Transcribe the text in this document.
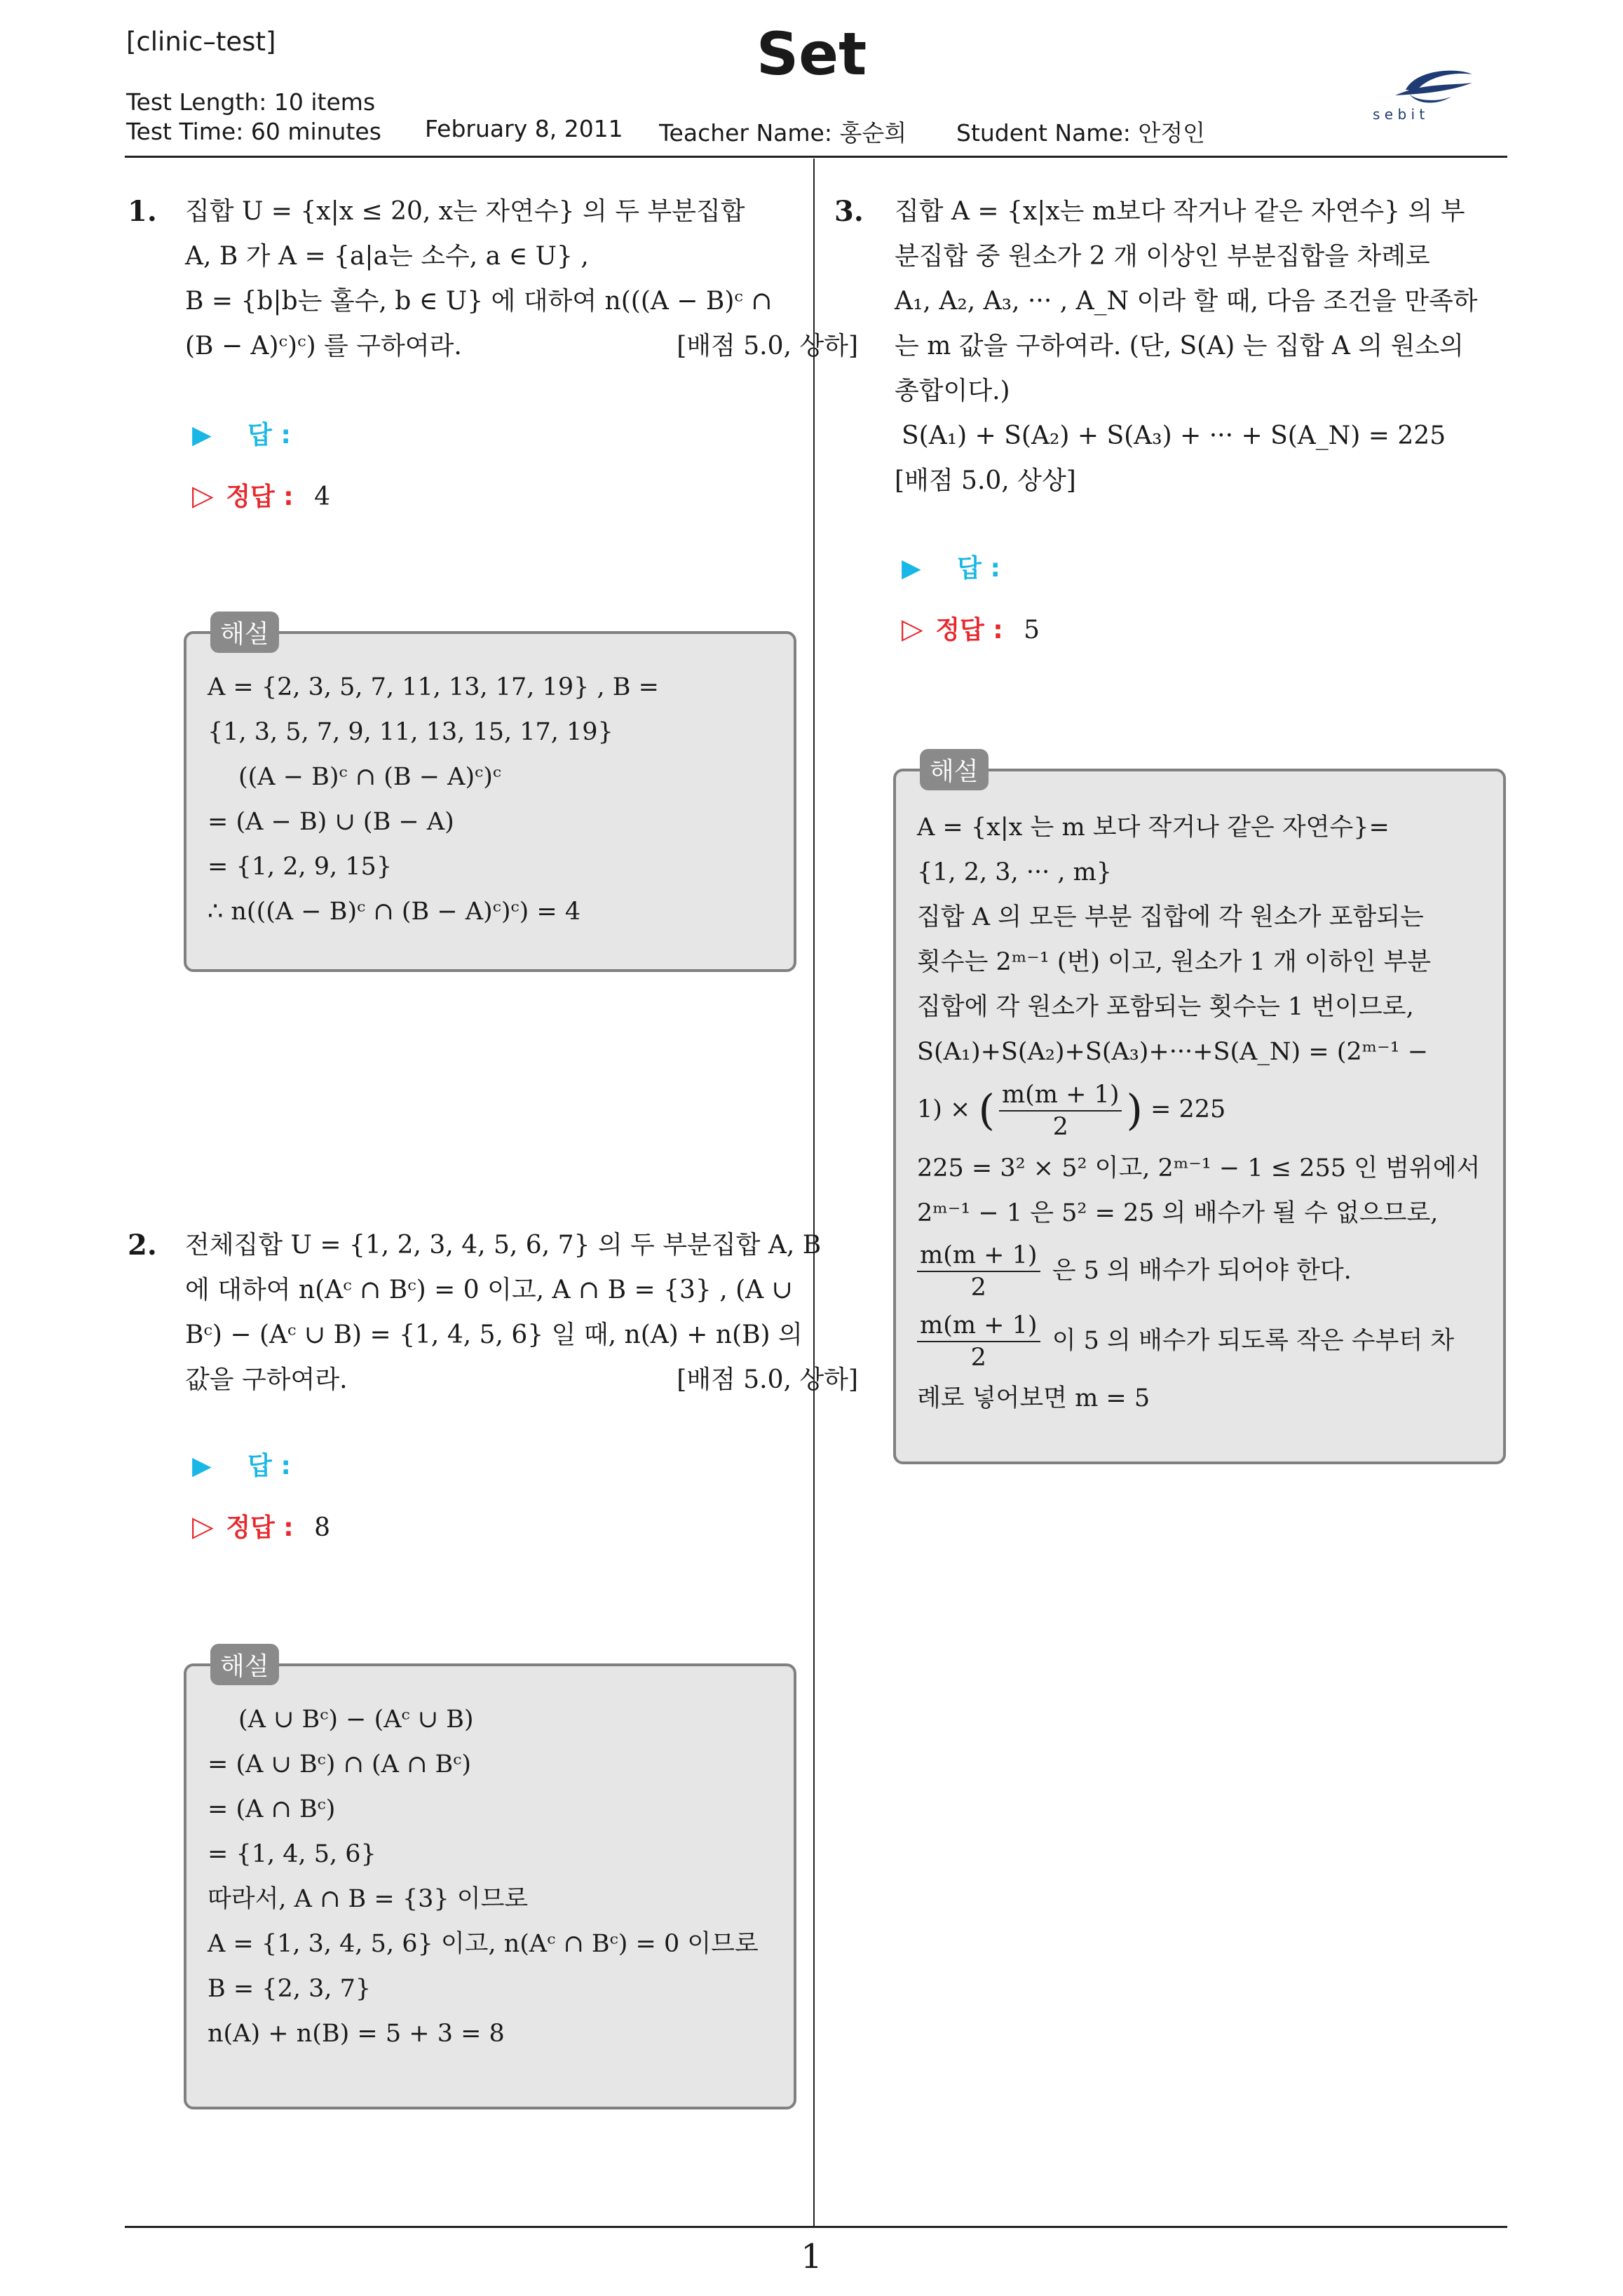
[clinic–test]	Set
Test Length: 10 items
Test Time: 60 minutes February 8, 2011 Teacher Name: 홍순희 Student Name: 안정인
s e b i t
1. 집합 U = {x|x ≤ 20, x는 자연수} 의 두 부분집합

A, B 가 A = {a|a는 소수, a ∈ U} ,

B = {b|b는 홀수, b ∈ U} 에 대하여 n(((A − B)ᶜ ∩

(B − A)ᶜ)ᶜ) 를 구하여라.	[배점 5.0, 상하]

▶ 답 :
▷ 정답 : 4
A = {2, 3, 5, 7, 11, 13, 17, 19} , B =
{1, 3, 5, 7, 9, 11, 13, 15, 17, 19}
((A − B)ᶜ ∩ (B − A)ᶜ)ᶜ
= (A − B) ∪ (B − A)
= {1, 2, 9, 15}
∴ n(((A − B)ᶜ ∩ (B − A)ᶜ)ᶜ) = 4
해설
2. 전체집합 U = {1, 2, 3, 4, 5, 6, 7} 의 두 부분집합 A, B

에 대하여 n(Aᶜ ∩ Bᶜ) = 0 이고, A ∩ B = {3} , (A ∪

Bᶜ) − (Aᶜ ∪ B) = {1, 4, 5, 6} 일 때, n(A) + n(B) 의

값을 구하여라.	[배점 5.0, 상하]

▶ 답 :
▷ 정답 : 8
(A ∪ Bᶜ) − (Aᶜ ∪ B)
= (A ∪ Bᶜ) ∩ (A ∩ Bᶜ)
= (A ∩ Bᶜ)
= {1, 4, 5, 6}
따라서, A ∩ B = {3} 이므로
A = {1, 3, 4, 5, 6} 이고, n(Aᶜ ∩ Bᶜ) = 0 이므로
B = {2, 3, 7}
n(A) + n(B) = 5 + 3 = 8
해설
3. 집합 A = {x|x는 m보다 작거나 같은 자연수} 의 부

분집합 중 원소가 2 개 이상인 부분집합을 차례로

A₁, A₂, A₃, ··· , A_N 이라 할 때, 다음 조건을 만족하

는 m 값을 구하여라. (단, S(A) 는 집합 A 의 원소의

총합이다.)

S(A₁) + S(A₂) + S(A₃) + ··· + S(A_N) = 225

[배점 5.0, 상상]

▶ 답 :
▷ 정답 : 5
A = {x|x 는 m 보다 작거나 같은 자연수}=
{1, 2, 3, ··· , m}
집합 A 의 모든 부분 집합에 각 원소가 포함되는
횟수는 2ᵐ⁻¹ (번) 이고, 원소가 1 개 이하인 부분
집합에 각 원소가 포함되는 횟수는 1 번이므로,
S(A₁)+S(A₂)+S(A₃)+···+S(A_N) = (2ᵐ⁻¹ −
1) × ( $\frac{m(m + 1)}{2}$ ) = 225
225 = 3² × 5² 이고, 2ᵐ⁻¹ − 1 ≤ 255 인 범위에서
2ᵐ⁻¹ − 1 은 5² = 25 의 배수가 될 수 없으므로,
$\frac{m(m + 1)}{2}$ 은 5 의 배수가 되어야 한다.
$\frac{m(m + 1)}{2}$ 이 5 의 배수가 되도록 작은 수부터 차
례로 넣어보면 m = 5
해설
1
